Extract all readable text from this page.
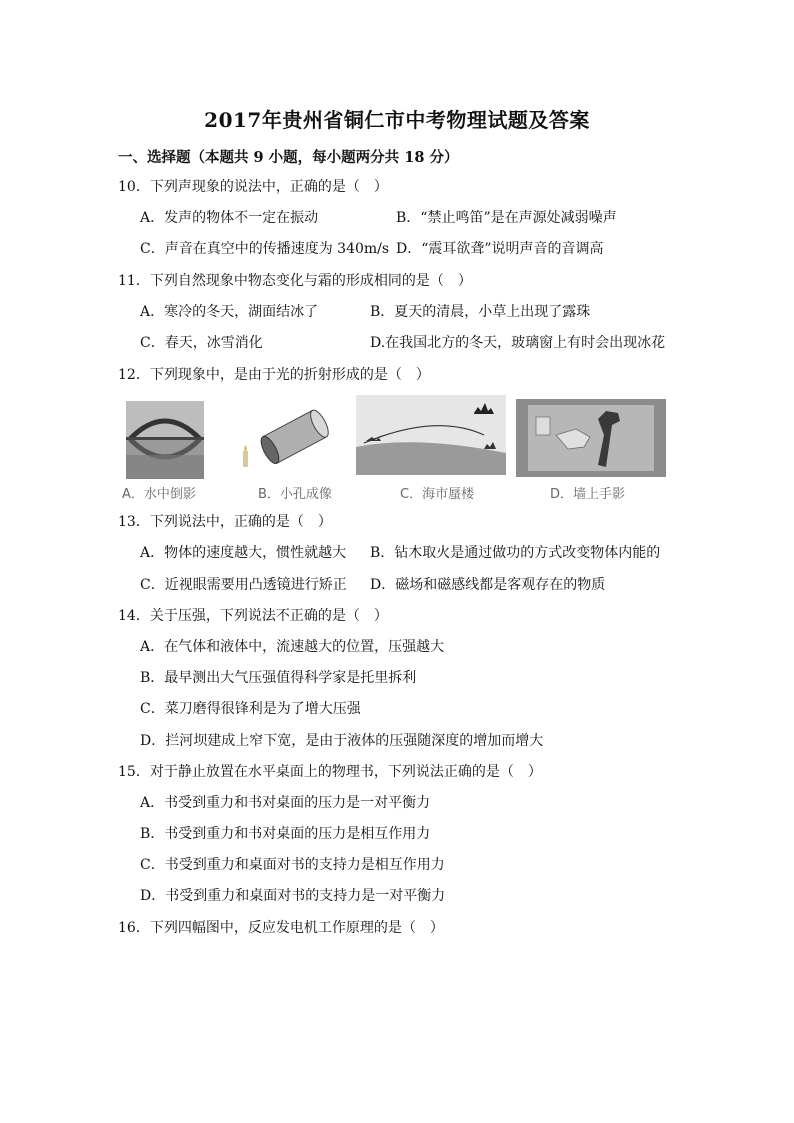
2017年贵州省铜仁市中考物理试题及答案
一、选择题（本题共 9 小题，每小题两分共 18 分）
10．下列声现象的说法中，正确的是（　）
A．发声的物体不一定在振动	B．“禁止鸣笛”是在声源处减弱噪声
C．声音在真空中的传播速度为 340m/s D．“震耳欲聋”说明声音的音调高
11．下列自然现象中物态变化与霜的形成相同的是（　）
A．寒冷的冬天，湖面结冰了	B．夏天的清晨，小草上出现了露珠
C．春天，冰雪消化	D.在我国北方的冬天，玻璃窗上有时会出现冰花
12．下列现象中，是由于光的折射形成的是（　）
A．水中倒影	B．小孔成像	C．海市蜃楼	D．墙上手影
13．下列说法中，正确的是（　）
A．物体的速度越大，惯性就越大 B．钻木取火是通过做功的方式改变物体内能的
C．近视眼需要用凸透镜进行矫正 D．磁场和磁感线都是客观存在的物质
14．关于压强，下列说法不正确的是（　）
A．在气体和液体中，流速越大的位置，压强越大
B．最早测出大气压强值得科学家是托里拆利
C．菜刀磨得很锋利是为了增大压强
D．拦河坝建成上窄下宽，是由于液体的压强随深度的增加而增大
15．对于静止放置在水平桌面上的物理书，下列说法正确的是（　）
A．书受到重力和书对桌面的压力是一对平衡力
B．书受到重力和书对桌面的压力是相互作用力
C．书受到重力和桌面对书的支持力是相互作用力
D．书受到重力和桌面对书的支持力是一对平衡力
16．下列四幅图中，反应发电机工作原理的是（　）
